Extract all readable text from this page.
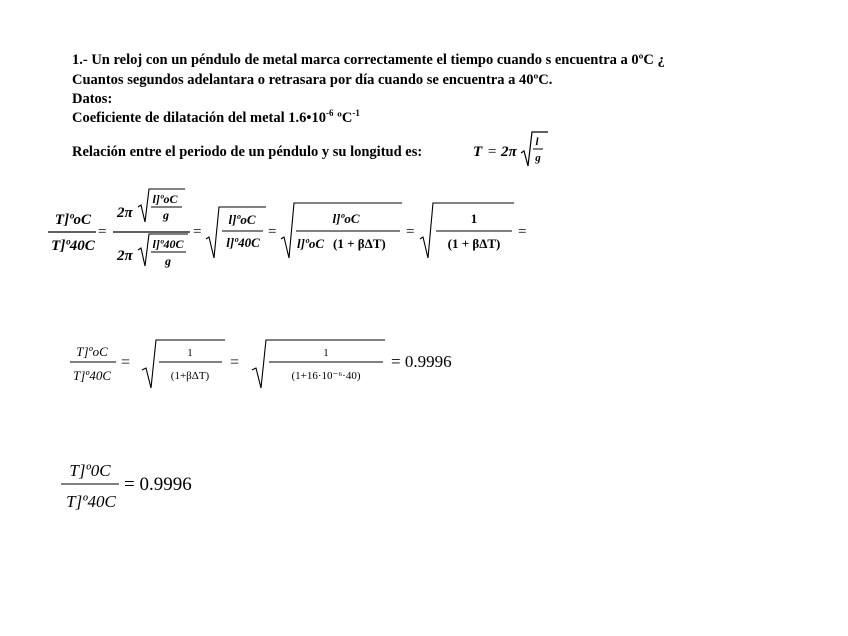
1.- Un reloj con un péndulo de metal marca correctamente el tiempo cuando s encuentra a 0ºC ¿
Cuantos segundos adelantara o retrasara por día cuando se encuentra a 40ºC.
Datos:
Coeficiente de dilatación del metal $1.6•10^{-6}$ ºC$^{-1}$
Relación entre el periodo de un péndulo y su longitud es:	T = 2π
l
g
T]ºoC
T]º40C
=
2π
l]ºoC
g
2π
l]º40C
g
=
l]ºoC
l]º40C
=
l]ºoC
l]ºoC (1 + βΔT)
=
1
(1 + βΔT)
=
T]ºoC
T]º40C
=
1
(1+βΔT)
=
1
(1+16·10⁻⁶·40)
= 0.9996
T]º0C
T]º40C
= 0.9996
